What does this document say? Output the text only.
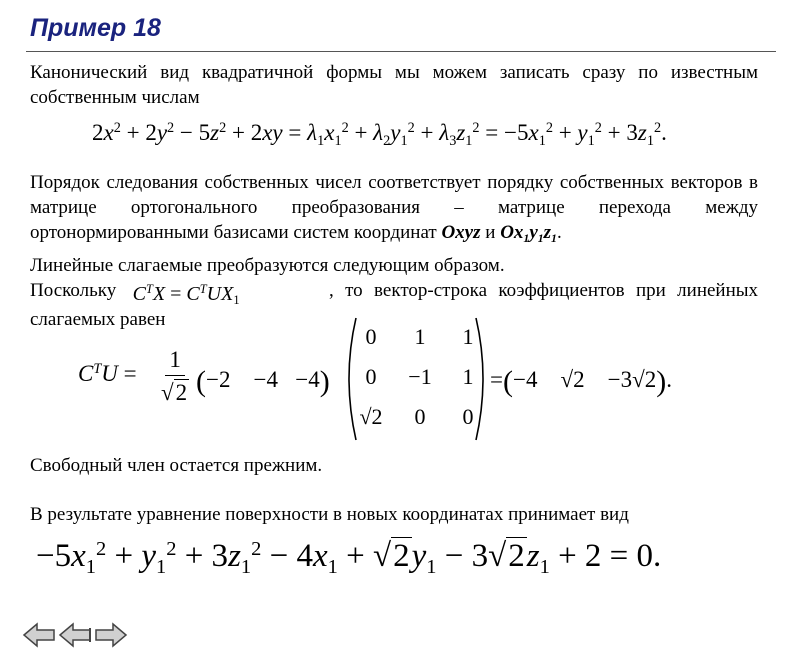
Пример 18
Канонический вид квадратичной формы мы можем записать сразу по известным собственным числам
$2x^2 + 2y^2 - 5z^2 + 2xy = \lambda_1x_1^2 + \lambda_2y_1^2 + \lambda_3z_1^2 = -5x_1^2 + y_1^2 + 3z_1^2$.
Порядок следования собственных чисел соответствует порядку собственных векторов в матрице ортогонального преобразования – матрице перехода между ортонормированными базисами систем координат Oxyz и $Ox_1y_1z_1$.
Линейные слагаемые преобразуются следующим образом.
Поскольку $C^TX = C^TUX_1$	, то вектор-строка коэффициентов при линейных слагаемых равен
$C^TU = \frac{1}{√ 2} (-2 -4 -4)$
0	1	1
0	−1	1
√2	0	0
=(−4 √2 −3√2).
Свободный член остается прежним.
В результате уравнение поверхности в новых координатах принимает вид
$-5x_1^2 + y_1^2 + 3z_1^2 - 4x_1$ + √ $2y_1 - 3$ √ $2z_1 + 2 = 0$.
